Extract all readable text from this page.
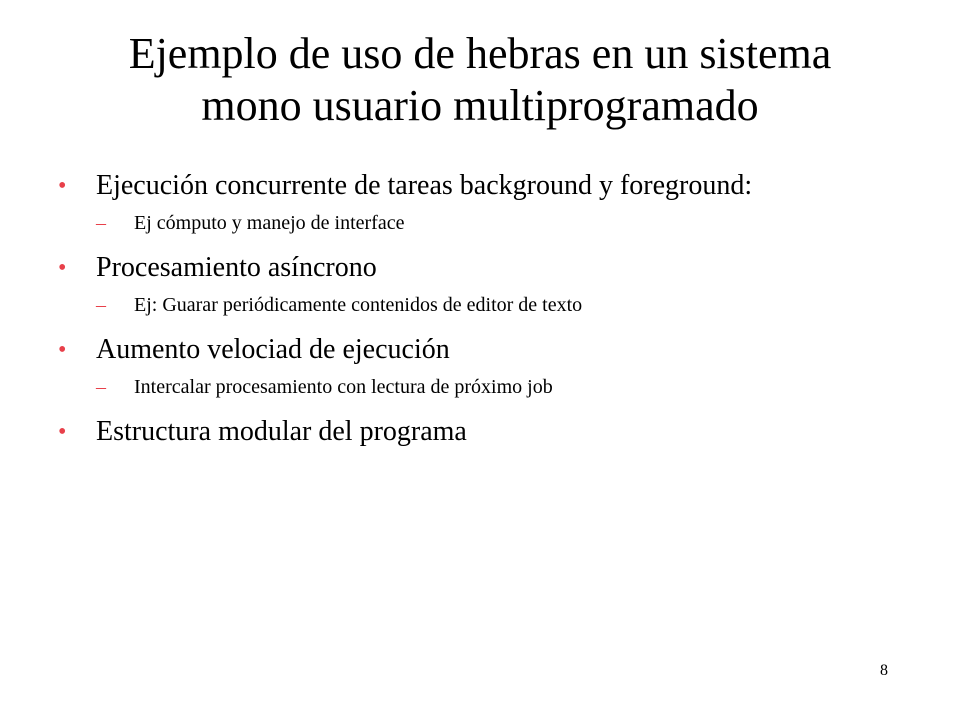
Ejemplo de uso de hebras en un sistema
mono usuario multiprogramado
• Ejecución concurrente de tareas background y foreground:
– Ej cómputo y manejo de interface
• Procesamiento asíncrono
– Ej: Guarar periódicamente contenidos de editor de texto
• Aumento velociad de ejecución
– Intercalar procesamiento con lectura de próximo job
• Estructura modular del programa
8
